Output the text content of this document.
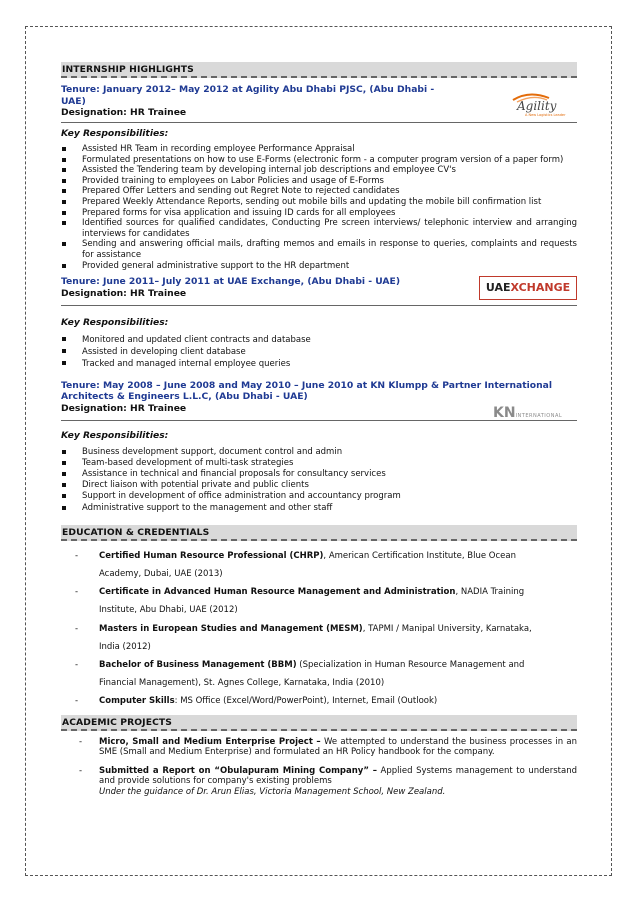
INTERNSHIP HIGHLIGHTS
Tenure: January 2012– May 2012 at Agility Abu Dhabi PJSC, (Abu Dhabi - UAE)
Designation: HR Trainee	Agility
A New Logistics Leader
Key Responsibilities:
Assisted HR Team in recording employee Performance Appraisal
Formulated presentations on how to use E-Forms (electronic form - a computer program version of a paper form)
Assisted the Tendering team by developing internal job descriptions and employee CV's
Provided training to employees on Labor Policies and usage of E-Forms
Prepared Offer Letters and sending out Regret Note to rejected candidates
Prepared Weekly Attendance Reports, sending out mobile bills and updating the mobile bill confirmation list
Prepared forms for visa application and issuing ID cards for all employees
Identified sources for qualified candidates, Conducting Pre screen interviews/ telephonic interview and arranging interviews for candidates
Sending and answering official mails, drafting memos and emails in response to queries, complaints and requests for assistance
Provided general administrative support to the HR department
Tenure: June 2011– July 2011 at UAE Exchange, (Abu Dhabi - UAE)
Designation: HR Trainee	UAEXCHANGE
Key Responsibilities:
Monitored and updated client contracts and database
Assisted in developing client database
Tracked and managed internal employee queries
Tenure: May 2008 – June 2008 and May 2010 – June 2010 at KN Klumpp & Partner International Architects & Engineers L.L.C, (Abu Dhabi - UAE)
Designation: HR Trainee	KNINTERNATIONAL
Key Responsibilities:
Business development support, document control and admin
Team-based development of multi-task strategies
Assistance in technical and financial proposals for consultancy services
Direct liaison with potential private and public clients
Support in development of office administration and accountancy program
Administrative support to the management and other staff
EDUCATION & CREDENTIALS
- Certified Human Resource Professional (CHRP), American Certification Institute, Blue Ocean
Academy, Dubai, UAE (2013)
- Certificate in Advanced Human Resource Management and Administration, NADIA Training
Institute, Abu Dhabi, UAE (2012)
- Masters in European Studies and Management (MESM), TAPMI / Manipal University, Karnataka,
India (2012)
- Bachelor of Business Management (BBM) (Specialization in Human Resource Management and
Financial Management), St. Agnes College, Karnataka, India (2010)
- Computer Skills: MS Office (Excel/Word/PowerPoint), Internet, Email (Outlook)
ACADEMIC PROJECTS
- Micro, Small and Medium Enterprise Project – We attempted to understand the business processes in an SME (Small and Medium Enterprise) and formulated an HR Policy handbook for the company.
- Submitted a Report on “Obulapuram Mining Company” – Applied Systems management to understand and provide solutions for company's existing problems
Under the guidance of Dr. Arun Elias, Victoria Management School, New Zealand.
